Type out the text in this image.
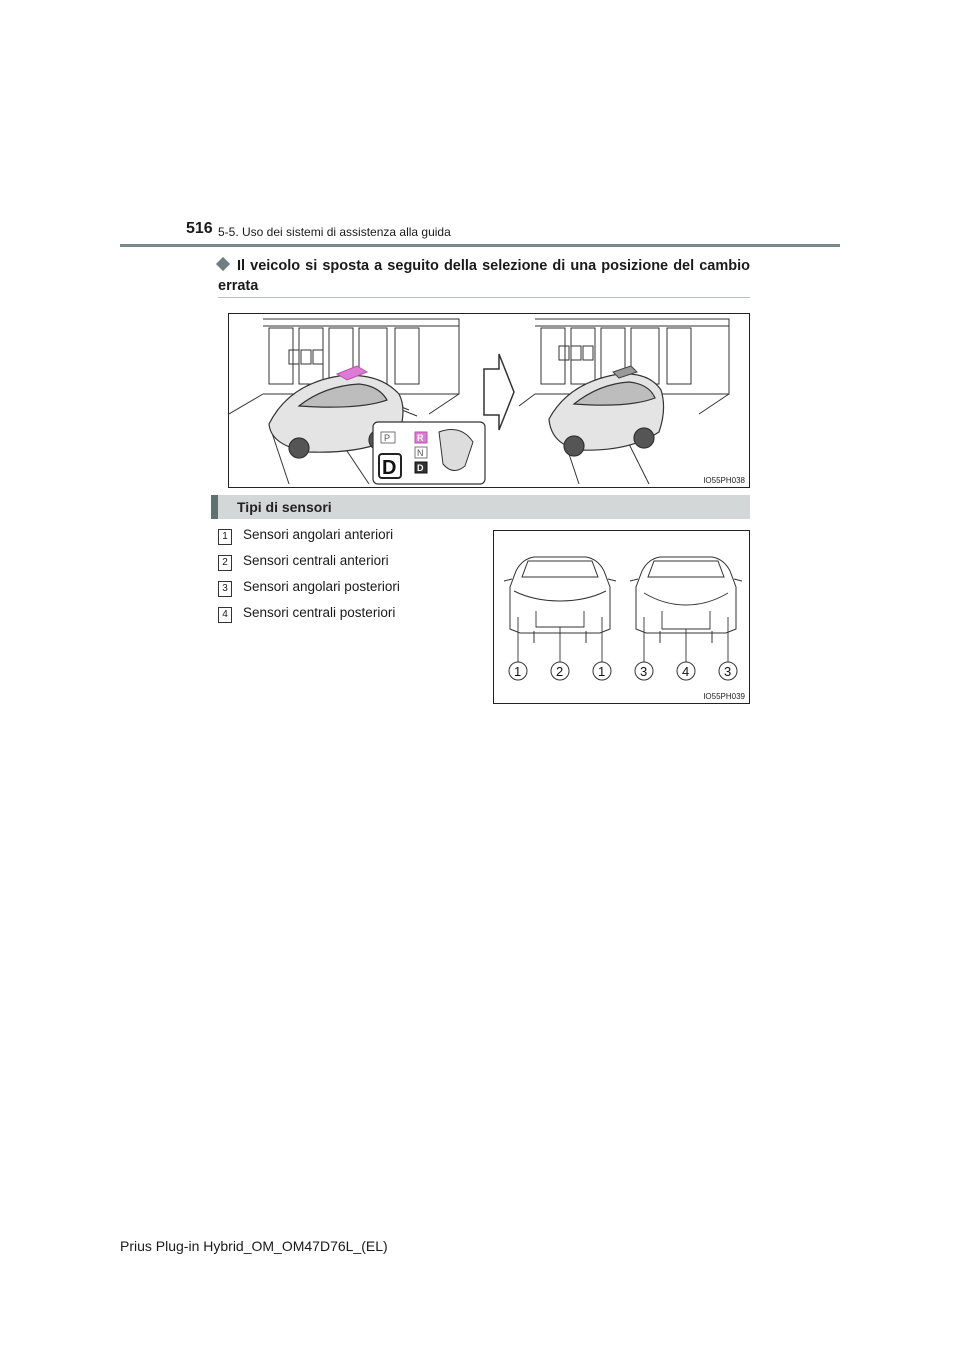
516 5-5. Uso dei sistemi di assistenza alla guida
Il veicolo si sposta a seguito della selezione di una posizione del cambio errata
D
P	R
N
D
IO55PH038
Tipi di sensori
1	Sensori angolari anteriori
2	Sensori centrali anteriori
3	Sensori angolari posteriori
4	Sensori centrali posteriori
1	2	1	3	4	3
IO55PH039
Prius Plug-in Hybrid_OM_OM47D76L_(EL)
